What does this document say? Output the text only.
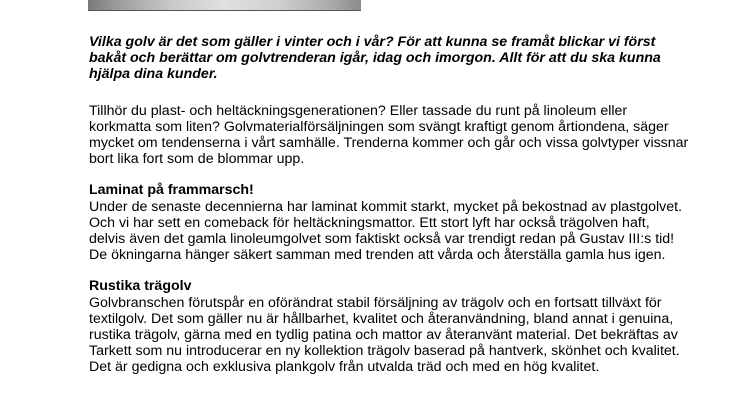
Vilka golv är det som gäller i vinter och i vår? För att kunna se framåt blickar vi först bakåt och berättar om golvtrenderan igår, idag och imorgon. Allt för att du ska kunna hjälpa dina kunder.

Tillhör du plast- och heltäckningsgenerationen? Eller tassade du runt på linoleum eller korkmatta som liten? Golvmaterialförsäljningen som svängt kraftigt genom årtiondena, säger mycket om tendenserna i vårt samhälle. Trenderna kommer och går och vissa golvtyper vissnar bort lika fort som de blommar upp.

Laminat på frammarsch!
Under de senaste decennierna har laminat kommit starkt, mycket på bekostnad av plastgolvet. Och vi har sett en comeback för heltäckningsmattor. Ett stort lyft har också trägolven haft, delvis även det gamla linoleumgolvet som faktiskt också var trendigt redan på Gustav III:s tid! De ökningarna hänger säkert samman med trenden att vårda och återställa gamla hus igen.

Rustika trägolv
Golvbranschen förutspår en oförändrat stabil försäljning av trägolv och en fortsatt tillväxt för textilgolv. Det som gäller nu är hållbarhet, kvalitet och återanvändning, bland annat i genuina, rustika trägolv, gärna med en tydlig patina och mattor av återanvänt material. Det bekräftas av Tarkett som nu introducerar en ny kollektion trägolv baserad på hantverk, skönhet och kvalitet. Det är gedigna och exklusiva plankgolv från utvalda träd och med en hög kvalitet.
